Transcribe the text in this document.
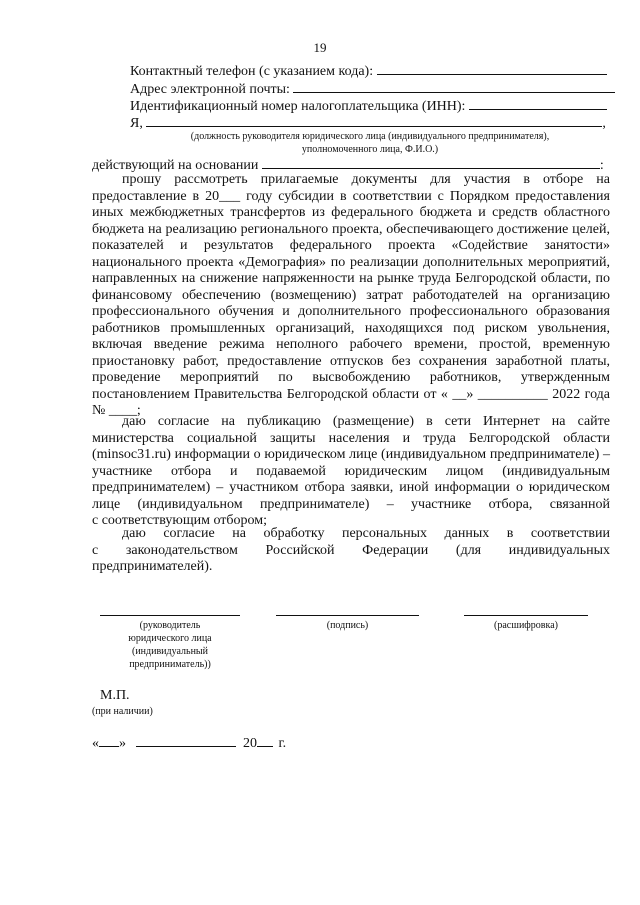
19
Контактный телефон (с указанием кода):
Адрес электронной почты:
Идентификационный номер налогоплательщика (ИНН):
Я,	,
(должность руководителя юридического лица (индивидуального предпринимателя),
уполномоченного лица, Ф.И.О.)
действующий на основании	:
прошу рассмотреть прилагаемые документы для участия в отборе на
предоставление в 20___ году субсидии в соответствии с Порядком предоставления
иных межбюджетных трансфертов из федерального бюджета и средств областного
бюджета на реализацию регионального проекта, обеспечивающего достижение целей,
показателей и результатов федерального проекта «Содействие занятости»
национального проекта «Демография» по реализации дополнительных мероприятий,
направленных на снижение напряженности на рынке труда Белгородской области, по
финансовому обеспечению (возмещению) затрат работодателей на организацию
профессионального обучения и дополнительного профессионального образования
работников промышленных организаций, находящихся под риском увольнения,
включая введение режима неполного рабочего времени, простой, временную
приостановку работ, предоставление отпусков без сохранения заработной платы,
проведение мероприятий по высвобождению работников, утвержденным
постановлением Правительства Белгородской области от « __» __________ 2022 года
№ ____;
даю согласие на публикацию (размещение) в сети Интернет на сайте
министерства социальной защиты населения и труда Белгородской области
(minsoc31.ru) информации о юридическом лице (индивидуальном предпринимателе) –
участнике отбора и подаваемой юридическим лицом (индивидуальным
предпринимателем) – участником отбора заявки, иной информации о юридическом
лице (индивидуальном предпринимателе) – участнике отбора, связанной
с соответствующим отбором;
даю согласие на обработку персональных данных в соответствии
с законодательством Российской Федерации (для индивидуальных
предпринимателей).
(руководитель
юридического лица
(индивидуальный
предприниматель))
(подпись)	(расшифровка)
М.П.
(при наличии)
« »	20 г.
